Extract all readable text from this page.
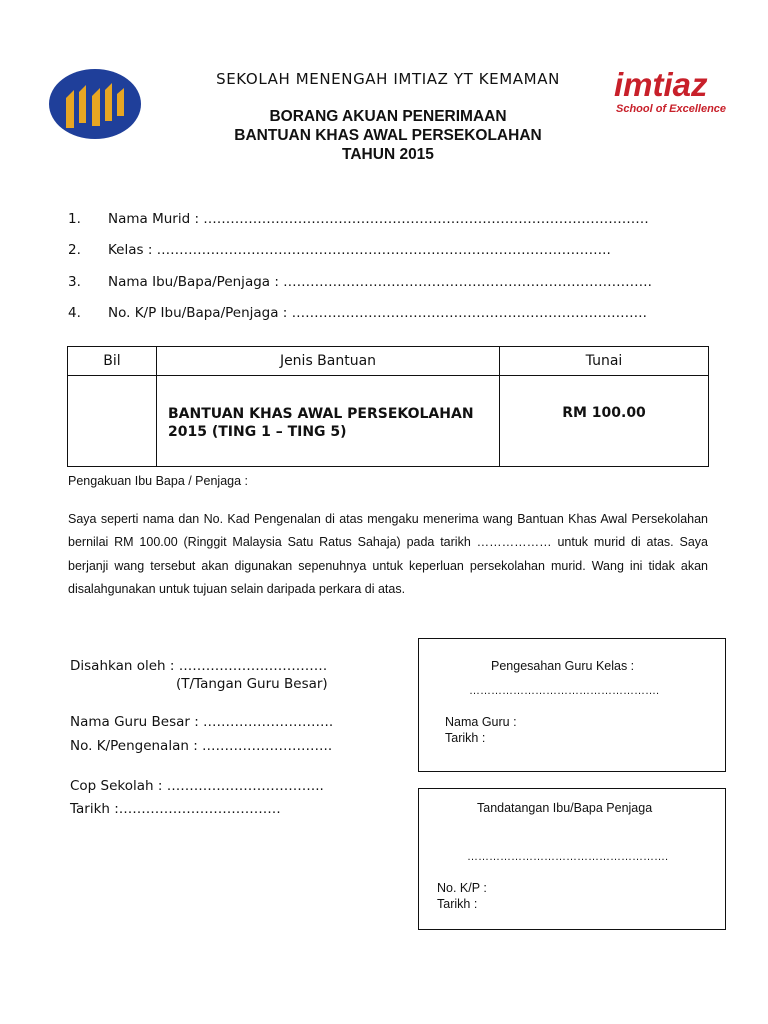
imtiaz
School of Excellence
SEKOLAH MENENGAH IMTIAZ YT KEMAMAN
BORANG AKUAN PENERIMAAN
BANTUAN KHAS AWAL PERSEKOLAHAN
TAHUN 2015
1. Nama Murid : ………………………………………………………………………………………
2. Kelas : ………………………………………………………………………………………..
3. Nama Ibu/Bapa/Penjaga : ……………………………………………………………………….
4. No. K/P Ibu/Bapa/Penjaga : …………………………………………………………………….
Bil	Jenis Bantuan	Tunai

	BANTUAN KHAS AWAL PERSEKOLAHAN 2015 (TING 1 – TING 5)	RM 100.00
Pengakuan Ibu Bapa / Penjaga :
Saya seperti nama dan No. Kad Pengenalan di atas mengaku menerima wang Bantuan Khas Awal Persekolahan bernilai RM 100.00 (Ringgit Malaysia Satu Ratus Sahaja) pada tarikh ……………… untuk murid di atas. Saya berjanji wang tersebut akan digunakan sepenuhnya untuk keperluan persekolahan murid. Wang ini tidak akan disalahgunakan untuk tujuan selain daripada perkara di atas.
Disahkan oleh : ……………………………
(T/Tangan Guru Besar)
Nama Guru Besar : ………………………..
No. K/Pengenalan : ………………………..
Cop Sekolah : ……………………………..
Tarikh :………………………………
Pengesahan Guru Kelas :
…………………………………………….
Nama Guru :
Tarikh :
Tandatangan Ibu/Bapa Penjaga
……………………………………………….
No. K/P :
Tarikh :
